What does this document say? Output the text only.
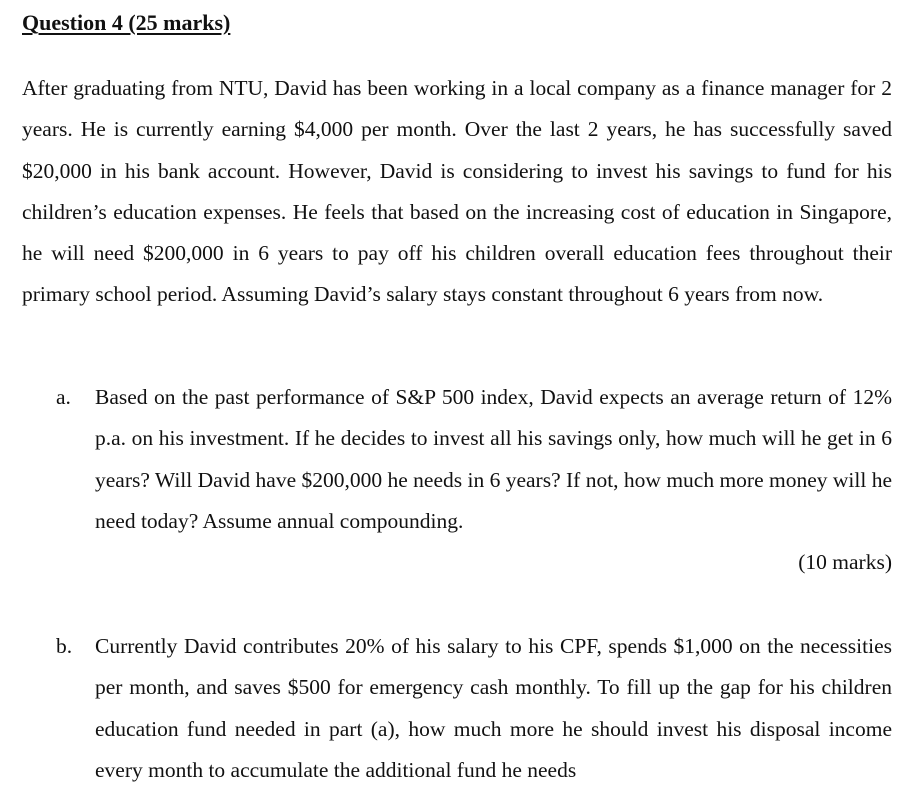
Question 4 (25 marks)

After graduating from NTU, David has been working in a local company as a finance manager for 2 years. He is currently earning $4,000 per month. Over the last 2 years, he has successfully saved $20,000 in his bank account. However, David is considering to invest his savings to fund for his children’s education expenses. He feels that based on the increasing cost of education in Singapore, he will need $200,000 in 6 years to pay off his children overall education fees throughout their primary school period. Assuming David’s salary stays constant throughout 6 years from now.

a. Based on the past performance of S&P 500 index, David expects an average return of 12% p.a. on his investment. If he decides to invest all his savings only, how much will he get in 6 years? Will David have $200,000 he needs in 6 years? If not, how much more money will he need today? Assume annual compounding.

(10 marks)

b. Currently David contributes 20% of his salary to his CPF, spends $1,000 on the necessities per month, and saves $500 for emergency cash monthly. To fill up the gap for his children education fund needed in part (a), how much more he should invest his disposal income every month to accumulate the additional fund he needs
